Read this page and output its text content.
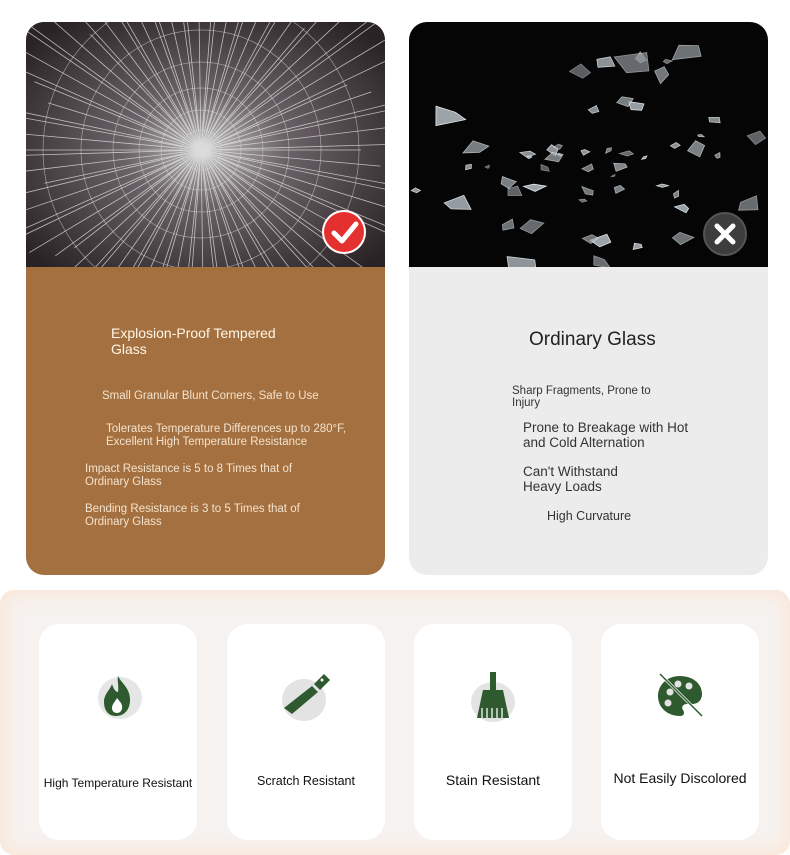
Explosion-Proof Tempered Glass
Small Granular Blunt Corners, Safe to Use
Tolerates Temperature Differences up to 280°F, Excellent High Temperature Resistance
Impact Resistance is 5 to 8 Times that of Ordinary Glass
Bending Resistance is 3 to 5 Times that of Ordinary Glass
Ordinary Glass
Sharp Fragments, Prone to Injury
Prone to Breakage with Hot and Cold Alternation
Can't Withstand Heavy Loads
High Curvature
High Temperature Resistant	Scratch Resistant	Stain Resistant	Not Easily Discolored
